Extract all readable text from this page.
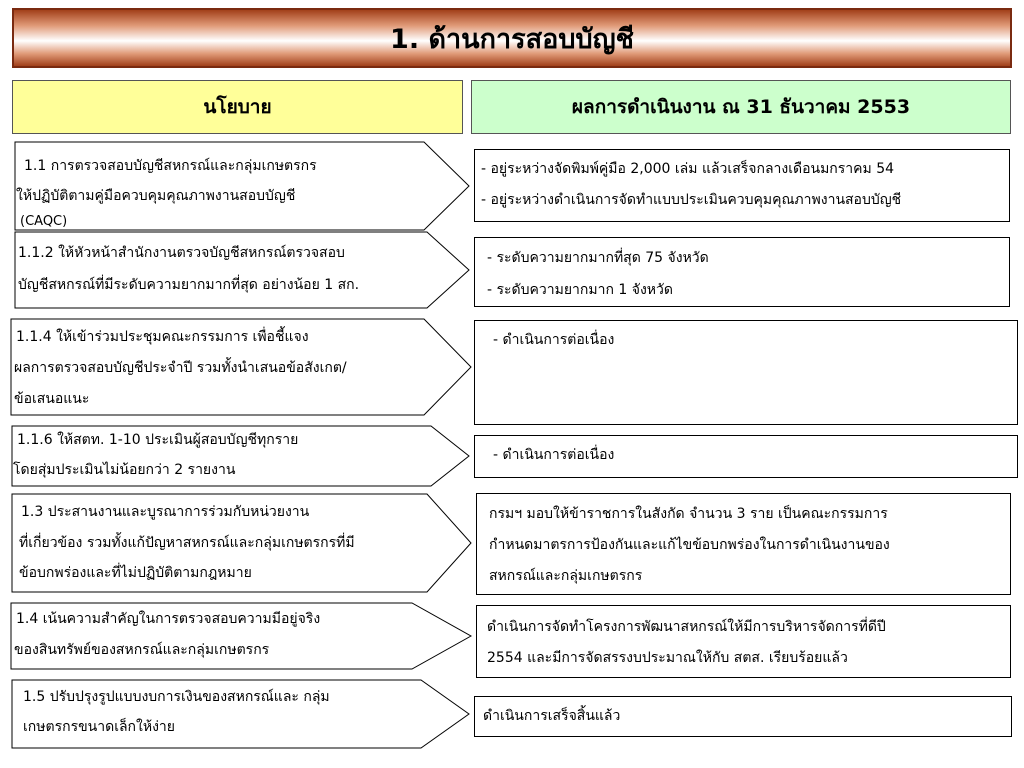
1. ด้านการสอบบัญชี
นโยบาย	ผลการดำเนินงาน ณ 31 ธันวาคม 2553
1.1 การตรวจสอบบัญชีสหกรณ์และกลุ่มเกษตรกร
ให้ปฏิบัติตามคู่มือควบคุมคุณภาพงานสอบบัญชี
(CAQC)
1.1.2 ให้หัวหน้าสำนักงานตรวจบัญชีสหกรณ์ตรวจสอบ
บัญชีสหกรณ์ที่มีระดับความยากมากที่สุด อย่างน้อย 1 สก.
1.1.4 ให้เข้าร่วมประชุมคณะกรรมการ เพื่อชี้แจง
ผลการตรวจสอบบัญชีประจำปี รวมทั้งนำเสนอข้อสังเกต/
ข้อเสนอแนะ
1.1.6 ให้สตท. 1-10 ประเมินผู้สอบบัญชีทุกราย
โดยสุ่มประเมินไม่น้อยกว่า 2 รายงาน
1.3 ประสานงานและบูรณาการร่วมกับหน่วยงาน
ที่เกี่ยวข้อง รวมทั้งแก้ปัญหาสหกรณ์และกลุ่มเกษตรกรที่มี
ข้อบกพร่องและที่ไม่ปฏิบัติตามกฎหมาย
1.4 เน้นความสำคัญในการตรวจสอบความมีอยู่จริง
ของสินทรัพย์ของสหกรณ์และกลุ่มเกษตรกร
1.5 ปรับปรุงรูปแบบงบการเงินของสหกรณ์และ กลุ่ม
เกษตรกรขนาดเล็กให้ง่าย
- อยู่ระหว่างจัดพิมพ์คู่มือ 2,000 เล่ม แล้วเสร็จกลางเดือนมกราคม 54
- อยู่ระหว่างดำเนินการจัดทำแบบประเมินควบคุมคุณภาพงานสอบบัญชี
- ระดับความยากมากที่สุด 75 จังหวัด
- ระดับความยากมาก 1 จังหวัด
- ดำเนินการต่อเนื่อง
- ดำเนินการต่อเนื่อง
กรมฯ มอบให้ข้าราชการในสังกัด จำนวน 3 ราย เป็นคณะกรรมการ
กำหนดมาตรการป้องกันและแก้ไขข้อบกพร่องในการดำเนินงานของ
สหกรณ์และกลุ่มเกษตรกร
ดำเนินการจัดทำโครงการพัฒนาสหกรณ์ให้มีการบริหารจัดการที่ดีปี
2554 และมีการจัดสรรงบประมาณให้กับ สตส. เรียบร้อยแล้ว
ดำเนินการเสร็จสิ้นแล้ว
